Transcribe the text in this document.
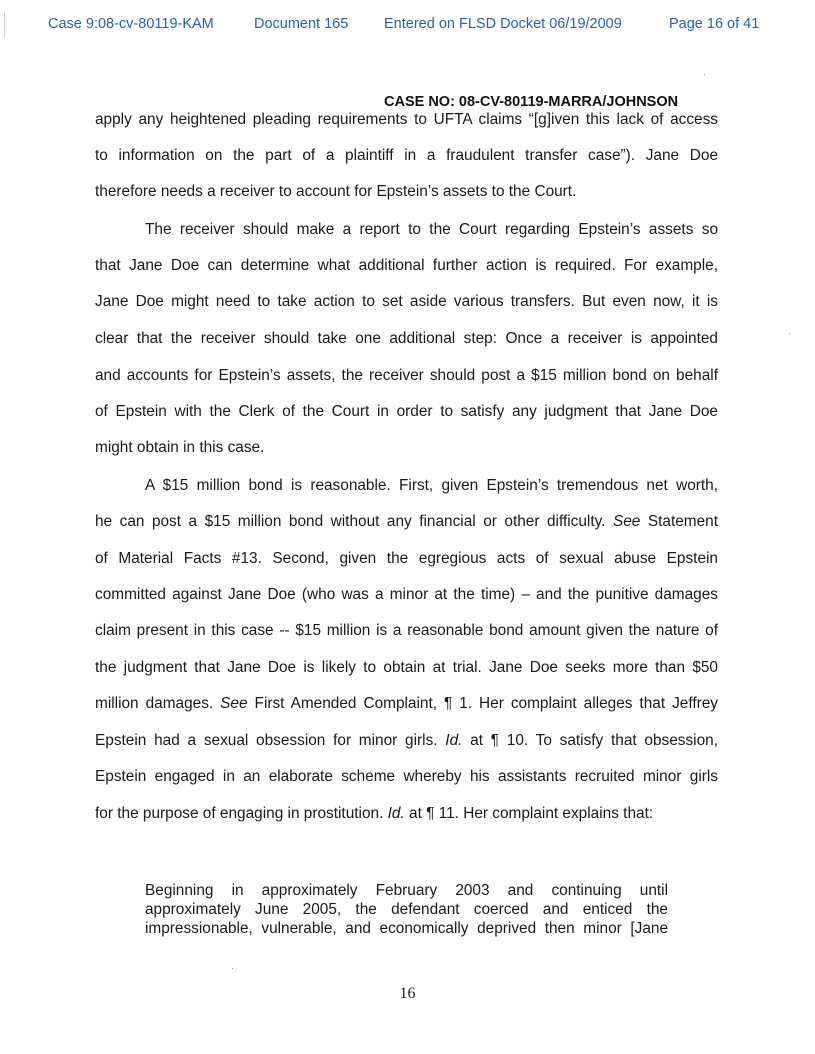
Case 9:08-cv-80119-KAM	Document 165 Entered on FLSD Docket 06/19/2009	Page 16 of 41
CASE NO: 08-CV-80119-MARRA/JOHNSON
apply any heightened pleading requirements to UFTA claims “[g]iven this lack of access
to information on the part of a plaintiff in a fraudulent transfer case”). Jane Doe
therefore needs a receiver to account for Epstein’s assets to the Court.
The receiver should make a report to the Court regarding Epstein’s assets so
that Jane Doe can determine what additional further action is required. For example,
Jane Doe might need to take action to set aside various transfers. But even now, it is
clear that the receiver should take one additional step: Once a receiver is appointed
and accounts for Epstein’s assets, the receiver should post a $15 million bond on behalf
of Epstein with the Clerk of the Court in order to satisfy any judgment that Jane Doe
might obtain in this case.
A $15 million bond is reasonable. First, given Epstein’s tremendous net worth,
he can post a $15 million bond without any financial or other difficulty. See Statement
of Material Facts #13. Second, given the egregious acts of sexual abuse Epstein
committed against Jane Doe (who was a minor at the time) – and the punitive damages
claim present in this case -- $15 million is a reasonable bond amount given the nature of
the judgment that Jane Doe is likely to obtain at trial. Jane Doe seeks more than $50
million damages. See First Amended Complaint, ¶ 1. Her complaint alleges that Jeffrey
Epstein had a sexual obsession for minor girls. Id. at ¶ 10. To satisfy that obsession,
Epstein engaged in an elaborate scheme whereby his assistants recruited minor girls
for the purpose of engaging in prostitution. Id. at ¶ 11. Her complaint explains that:
Beginning in approximately February 2003 and continuing until
approximately June 2005, the defendant coerced and enticed the
impressionable, vulnerable, and economically deprived then minor [Jane
16
